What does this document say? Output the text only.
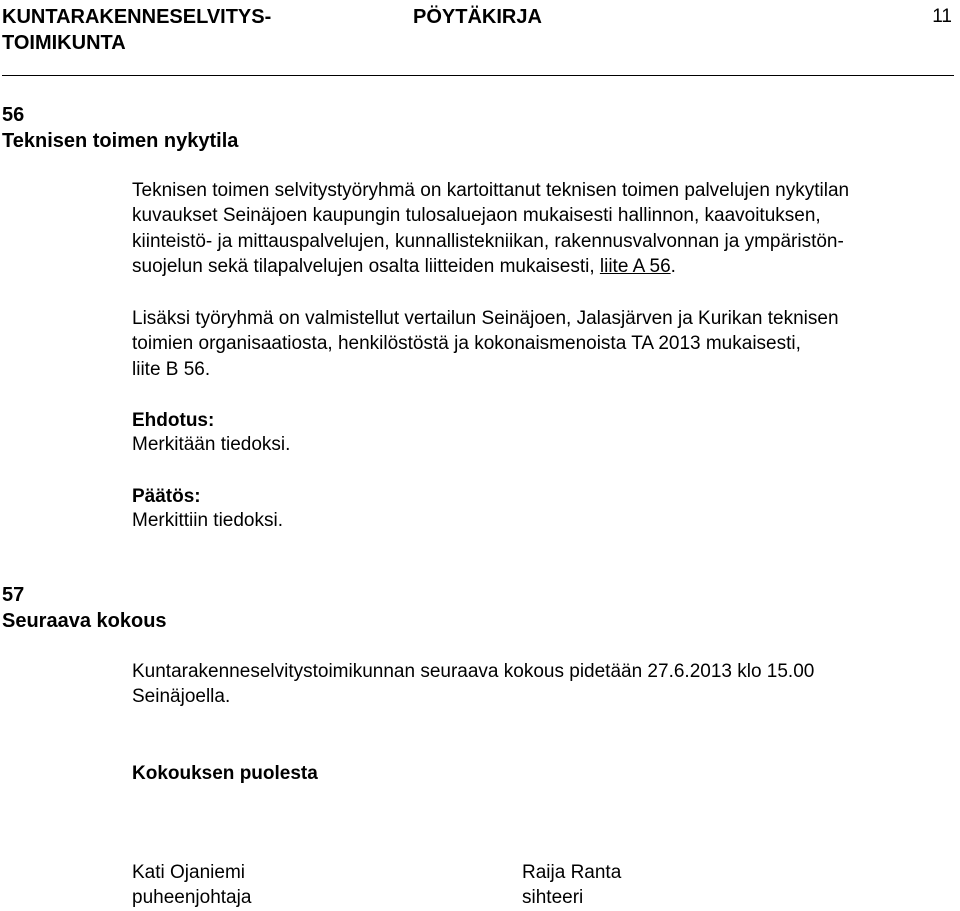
KUNTARAKENNESELVITYS-
TOIMIKUNTA
PÖYTÄKIRJA	11
56
Teknisen toimen nykytila
Teknisen toimen selvitystyöryhmä on kartoittanut teknisen toimen palvelujen nykytilan
kuvaukset Seinäjoen kaupungin tulosaluejaon mukaisesti hallinnon, kaavoituksen,
kiinteistö- ja mittauspalvelujen, kunnallistekniikan, rakennusvalvonnan ja ympäristön-
suojelun sekä tilapalvelujen osalta liitteiden mukaisesti, liite A 56.
Lisäksi työryhmä on valmistellut vertailun Seinäjoen, Jalasjärven ja Kurikan teknisen
toimien organisaatiosta, henkilöstöstä ja kokonaismenoista TA 2013 mukaisesti,
liite B 56.
Ehdotus:
Merkitään tiedoksi.
Päätös:
Merkittiin tiedoksi.
57
Seuraava kokous
Kuntarakenneselvitystoimikunnan seuraava kokous pidetään 27.6.2013 klo 15.00
Seinäjoella.
Kokouksen puolesta
Kati Ojaniemi
puheenjohtaja
Raija Ranta
sihteeri
